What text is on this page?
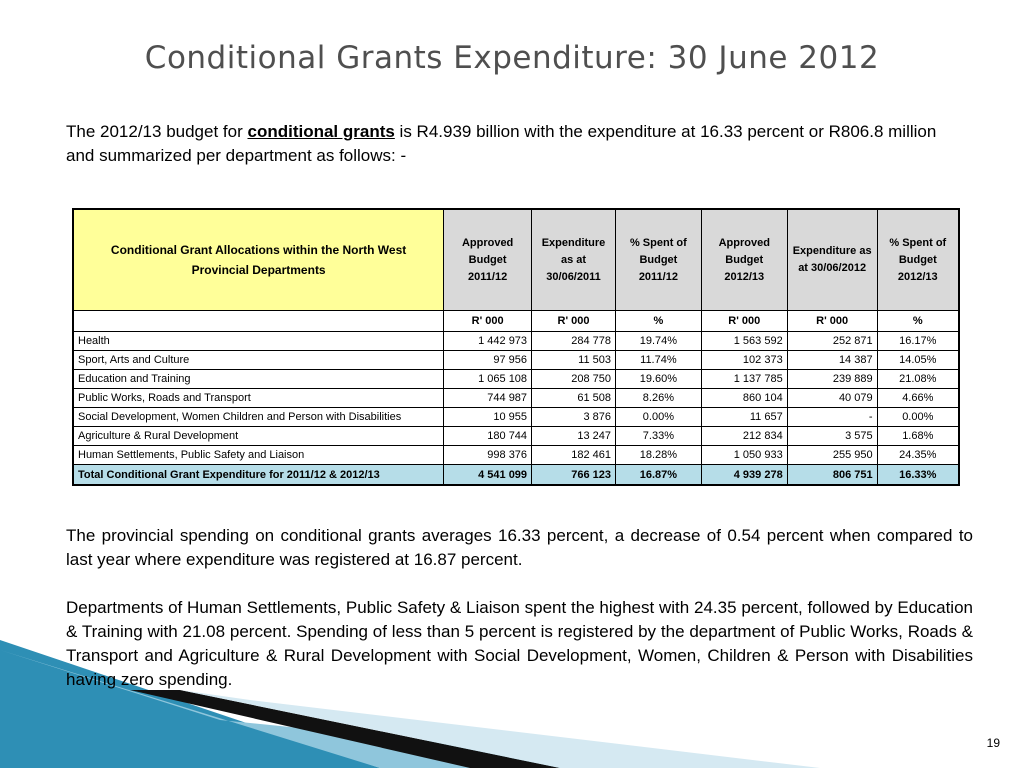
Conditional Grants Expenditure: 30 June 2012
The 2012/13 budget for conditional grants is R4.939 billion with the expenditure at 16.33 percent or R806.8 million and summarized per department as follows: -
Conditional Grant Allocations within the North West
Provincial Departments	Approved
Budget
2011/12	Expenditure
as at
30/06/2011	% Spent of
Budget
2011/12	Approved
Budget
2012/13	Expenditure as
at 30/06/2012	% Spent of
Budget
2012/13
	R' 000	R' 000	%	R' 000	R' 000	%
Health	1 442 973	284 778	19.74%	1 563 592	252 871	16.17%
Sport, Arts and Culture	97 956	11 503	11.74%	102 373	14 387	14.05%
Education and Training	1 065 108	208 750	19.60%	1 137 785	239 889	21.08%
Public Works, Roads and Transport	744 987	61 508	8.26%	860 104	40 079	4.66%
Social Development, Women Children and Person with Disabilities	10 955	3 876	0.00%	11 657	-	0.00%
Agriculture & Rural Development	180 744	13 247	7.33%	212 834	3 575	1.68%
Human Settlements, Public Safety and Liaison	998 376	182 461	18.28%	1 050 933	255 950	24.35%
Total Conditional Grant Expenditure for 2011/12 & 2012/13	4 541 099	766 123	16.87%	4 939 278	806 751	16.33%
The provincial spending on conditional grants averages 16.33 percent, a decrease of 0.54 percent when compared to last year where expenditure was registered at 16.87 percent.
Departments of Human Settlements, Public Safety & Liaison spent the highest with 24.35 percent, followed by Education & Training with 21.08 percent. Spending of less than 5 percent is registered by the department of Public Works, Roads & Transport and Agriculture & Rural Development with Social Development, Women, Children & Person with Disabilities having zero spending.
19
